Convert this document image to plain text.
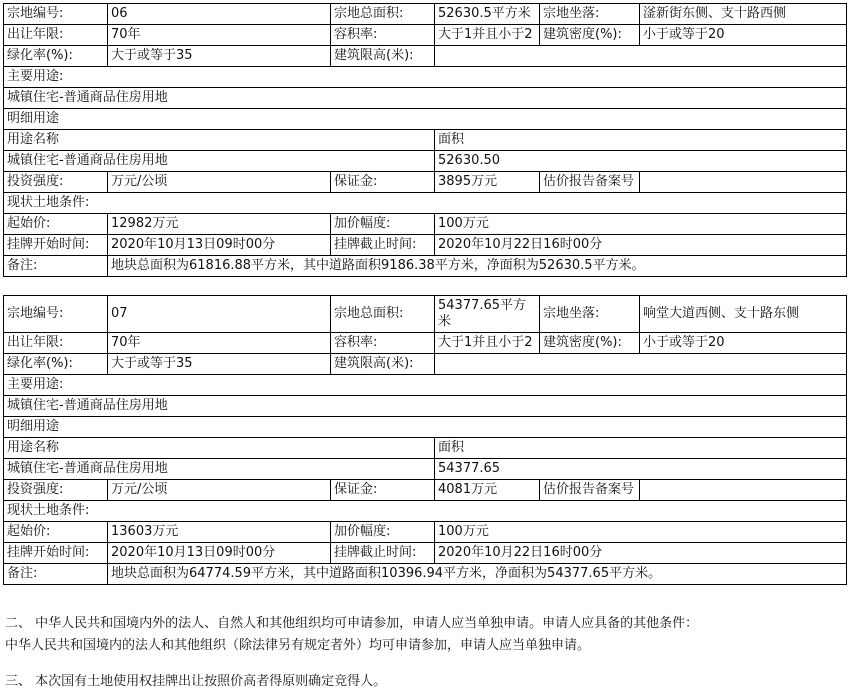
宗地编号:	06	宗地总面积:	52630.5平方米	宗地坐落:	滏新街东侧、支十路西侧
出让年限:	70年	容积率:	大于1并且小于2	建筑密度(%):	小于或等于20
绿化率(%):	大于或等于35	建筑限高(米):			
主要用途:					
城镇住宅-普通商品住房用地					
明细用途					
用途名称			面积		
城镇住宅-普通商品住房用地			52630.50		
投资强度:	万元/公顷	保证金:	3895万元	估价报告备案号	
现状土地条件:					
起始价:	12982万元	加价幅度:	100万元		
挂牌开始时间:	2020年10月13日09时00分	挂牌截止时间:	2020年10月22日16时00分		
备注:	地块总面积为61816.88平方米，其中道路面积9186.38平方米，净面积为52630.5平方米。				
宗地编号:	07	宗地总面积:	54377.65平方米	宗地坐落:	响堂大道西侧、支十路东侧
出让年限:	70年	容积率:	大于1并且小于2	建筑密度(%):	小于或等于20
绿化率(%):	大于或等于35	建筑限高(米):			
主要用途:					
城镇住宅-普通商品住房用地					
明细用途					
用途名称			面积		
城镇住宅-普通商品住房用地			54377.65		
投资强度:	万元/公顷	保证金:	4081万元	估价报告备案号	
现状土地条件:					
起始价:	13603万元	加价幅度:	100万元		
挂牌开始时间:	2020年10月13日09时00分	挂牌截止时间:	2020年10月22日16时00分		
备注:	地块总面积为64774.59平方米，其中道路面积10396.94平方米，净面积为54377.65平方米。				
二、 中华人民共和国境内外的法人、自然人和其他组织均可申请参加，申请人应当单独申请。申请人应具备的其他条件：
中华人民共和国境内的法人和其他组织（除法律另有规定者外）均可申请参加，申请人应当单独申请。
三、 本次国有土地使用权挂牌出让按照价高者得原则确定竞得人。
